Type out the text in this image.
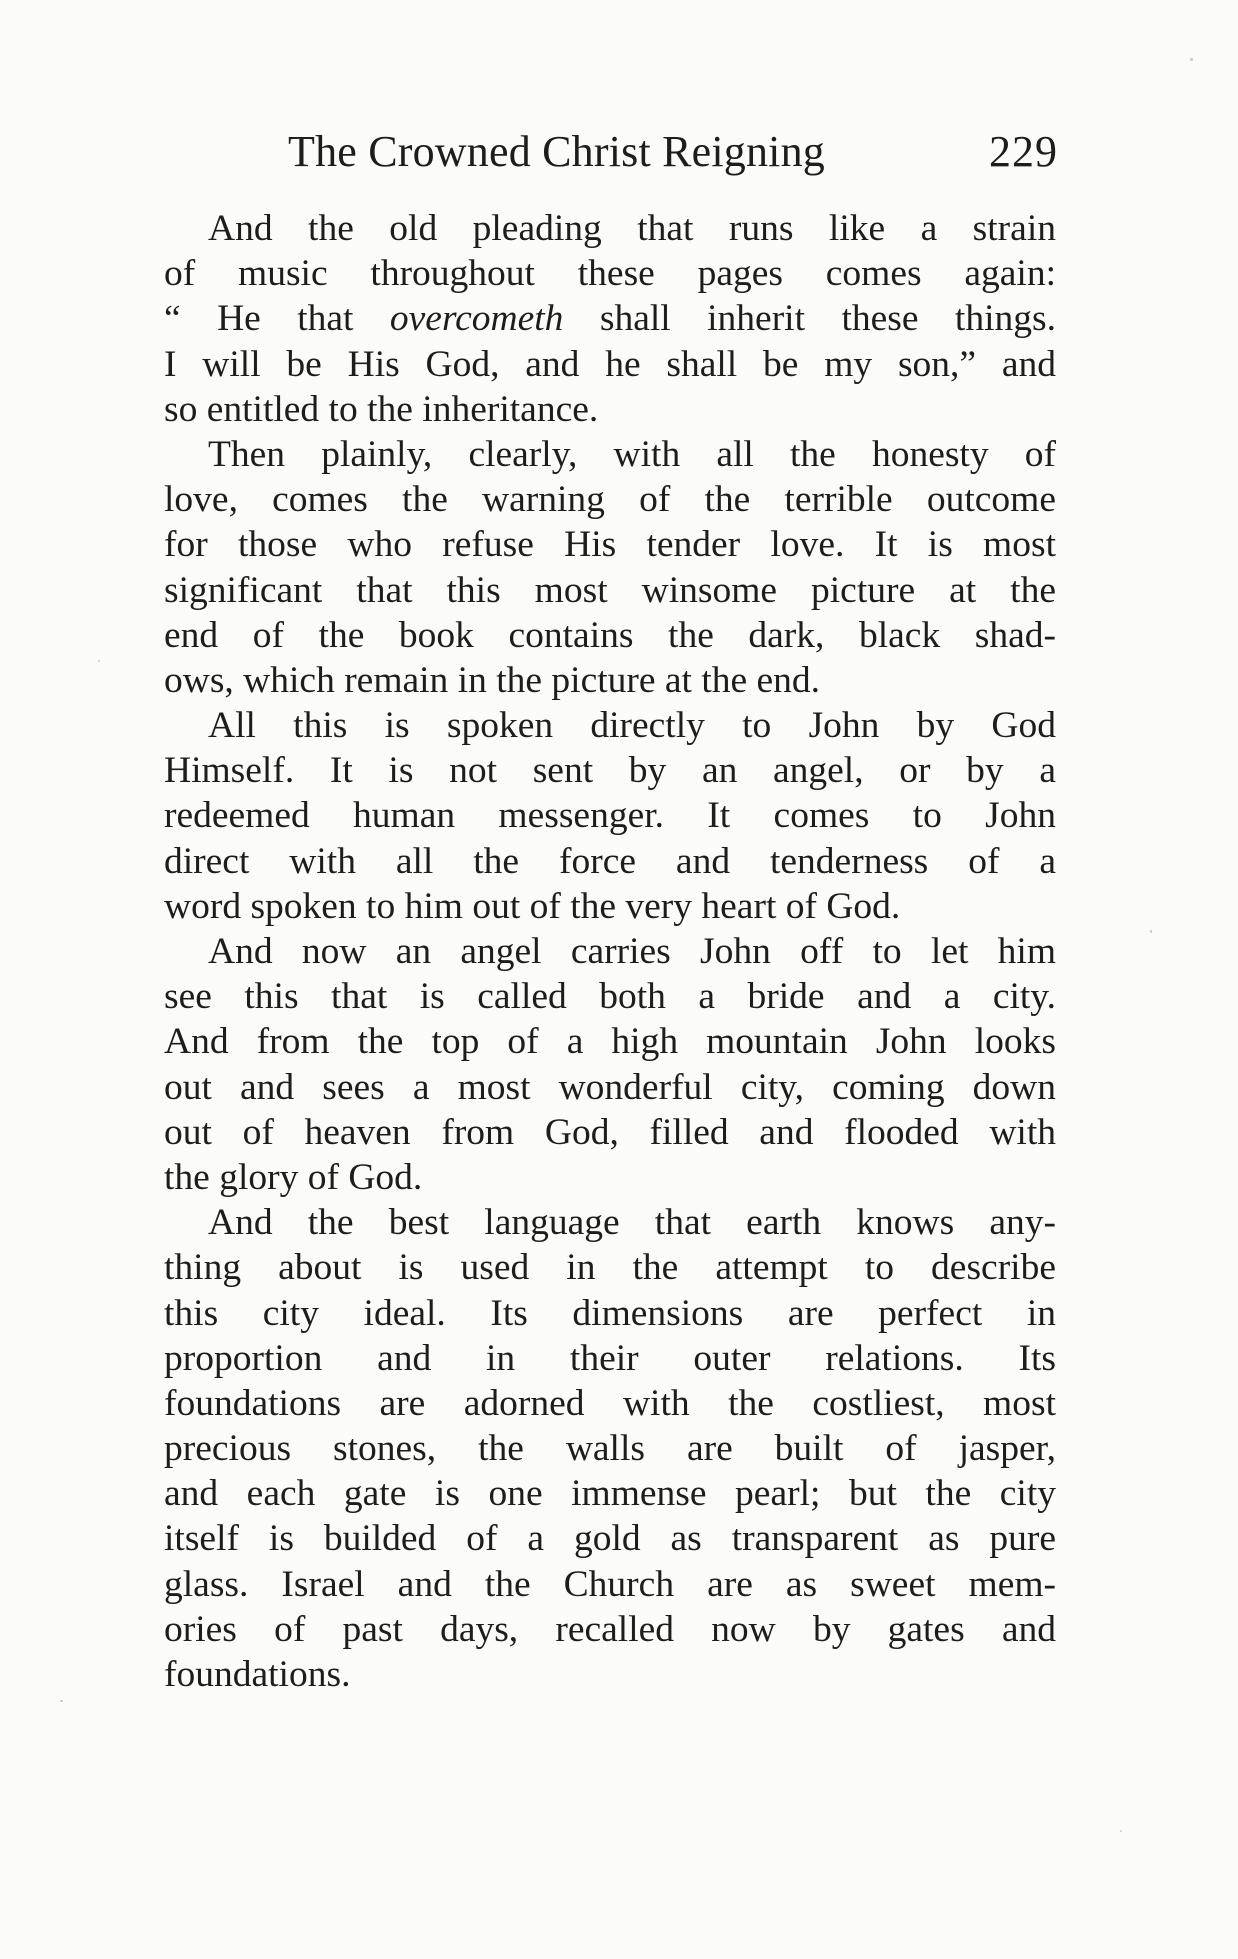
The Crowned Christ Reigning	229
And the old pleading that runs like a strain
of music throughout these pages comes again:
“ He that overcometh shall inherit these things.
I will be His God, and he shall be my son,” and
so entitled to the inheritance.
Then plainly, clearly, with all the honesty of
love, comes the warning of the terrible outcome
for those who refuse His tender love. It is most
significant that this most winsome picture at the
end of the book contains the dark, black shad-
ows, which remain in the picture at the end.
All this is spoken directly to John by God
Himself. It is not sent by an angel, or by a
redeemed human messenger. It comes to John
direct with all the force and tenderness of a
word spoken to him out of the very heart of God.
And now an angel carries John off to let him
see this that is called both a bride and a city.
And from the top of a high mountain John looks
out and sees a most wonderful city, coming down
out of heaven from God, filled and flooded with
the glory of God.
And the best language that earth knows any-
thing about is used in the attempt to describe
this city ideal. Its dimensions are perfect in
proportion and in their outer relations. Its
foundations are adorned with the costliest, most
precious stones, the walls are built of jasper,
and each gate is one immense pearl; but the city
itself is builded of a gold as transparent as pure
glass. Israel and the Church are as sweet mem-
ories of past days, recalled now by gates and
foundations.
